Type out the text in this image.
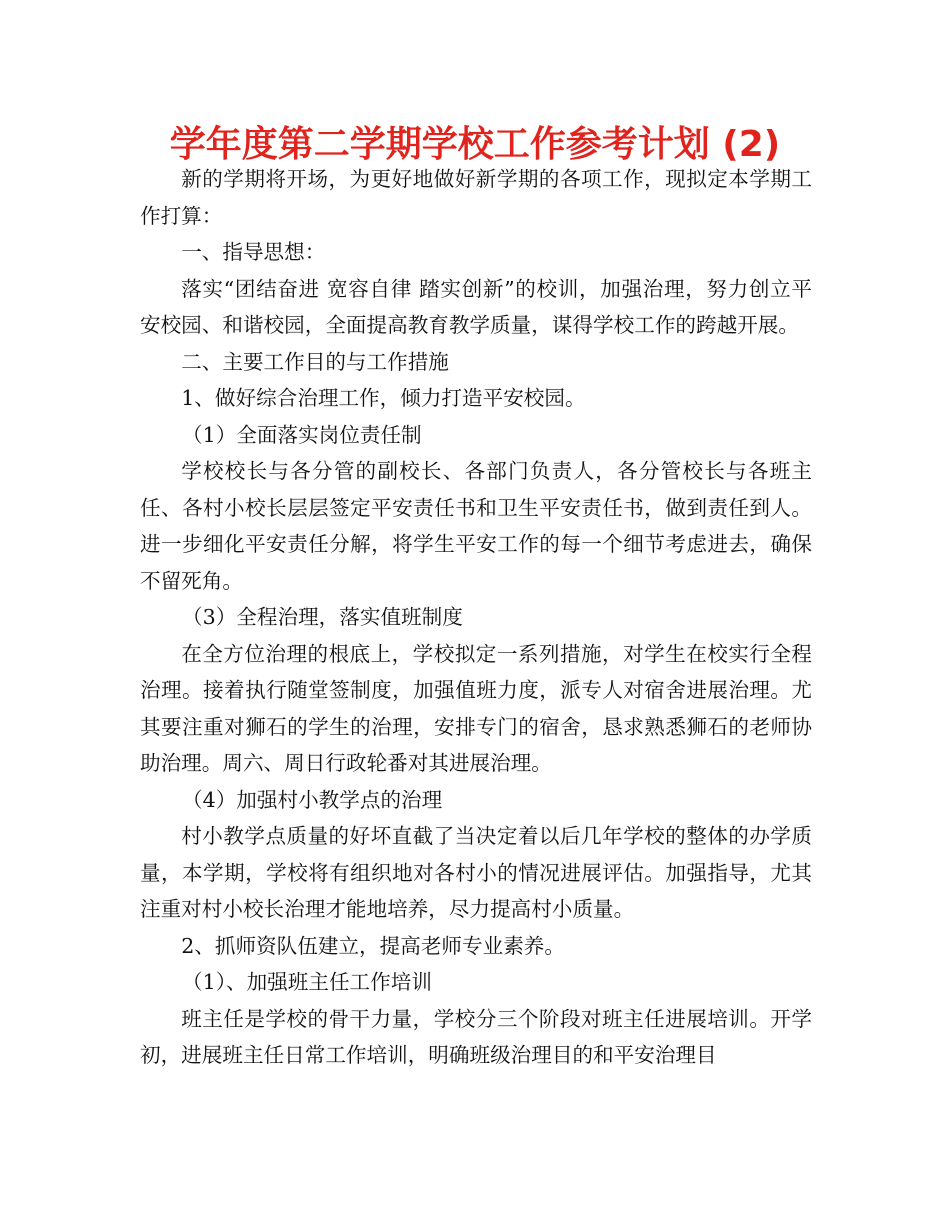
学年度第二学期学校工作参考计划 (2)

新的学期将开场，为更好地做好新学期的各项工作，现拟定本学期工作打算：

一、指导思想：

落实“团结奋进 宽容自律 踏实创新”的校训，加强治理，努力创立平安校园、和谐校园，全面提高教育教学质量，谋得学校工作的跨越开展。

二、主要工作目的与工作措施

1、做好综合治理工作，倾力打造平安校园。

（1）全面落实岗位责任制

学校校长与各分管的副校长、各部门负责人，各分管校长与各班主任、各村小校长层层签定平安责任书和卫生平安责任书，做到责任到人。进一步细化平安责任分解，将学生平安工作的每一个细节考虑进去，确保不留死角。

（3）全程治理，落实值班制度

在全方位治理的根底上，学校拟定一系列措施，对学生在校实行全程治理。接着执行随堂签制度，加强值班力度，派专人对宿舍进展治理。尤其要注重对狮石的学生的治理，安排专门的宿舍，恳求熟悉狮石的老师协助治理。周六、周日行政轮番对其进展治理。

（4）加强村小教学点的治理

村小教学点质量的好坏直截了当决定着以后几年学校的整体的办学质量，本学期，学校将有组织地对各村小的情况进展评估。加强指导，尤其注重对村小校长治理才能地培养，尽力提高村小质量。

2、抓师资队伍建立，提高老师专业素养。

（1）、加强班主任工作培训

班主任是学校的骨干力量，学校分三个阶段对班主任进展培训。开学初，进展班主任日常工作培训，明确班级治理目的和平安治理目
